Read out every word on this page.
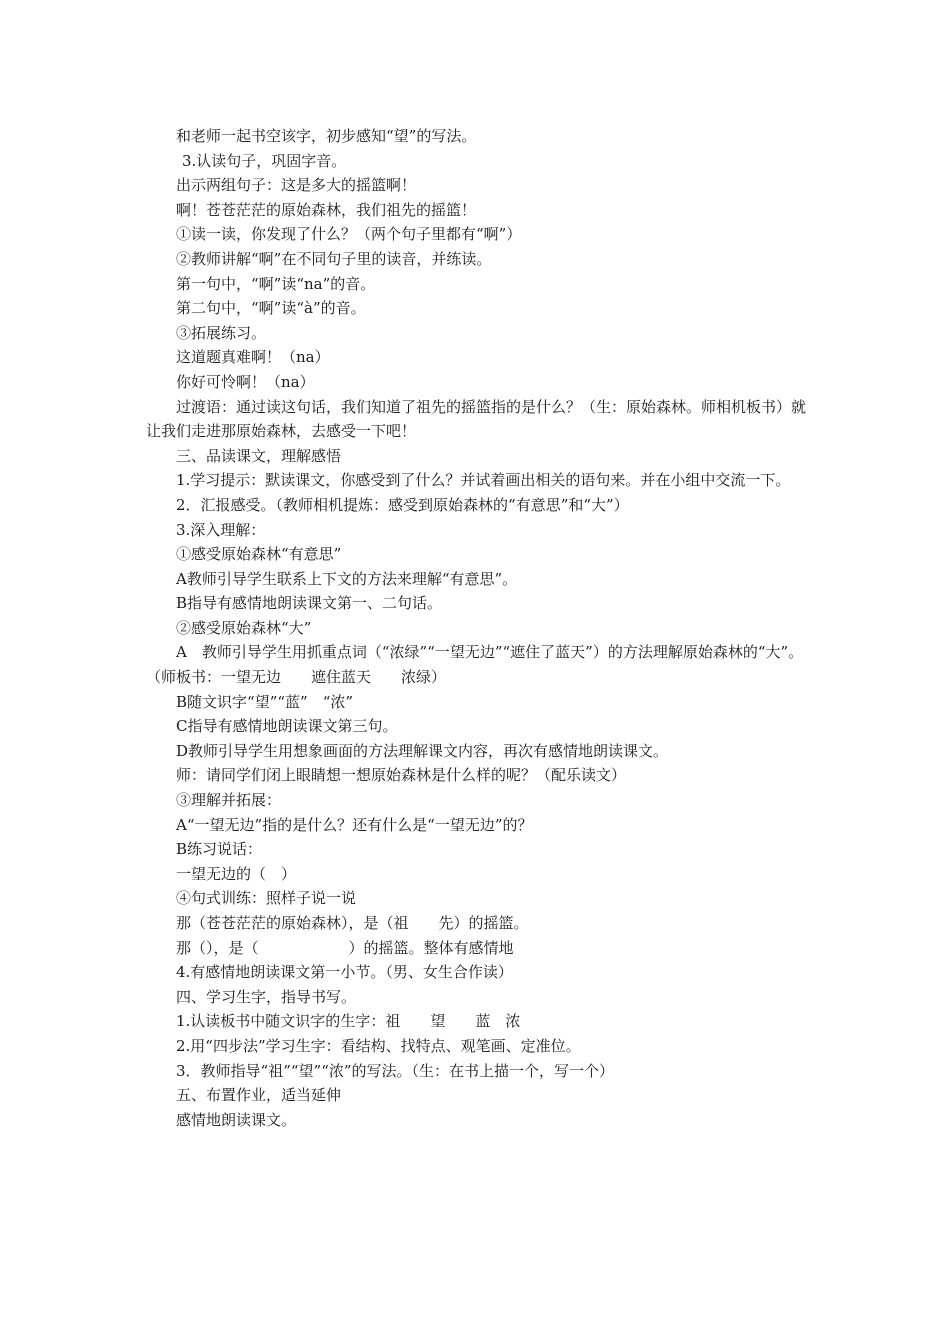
和老师一起书空该字，初步感知“望”的写法。
3.认读句子，巩固字音。
出示两组句子：这是多大的摇篮啊！
啊！苍苍茫茫的原始森林，我们祖先的摇篮！
①读一读，你发现了什么？（两个句子里都有“啊”）
②教师讲解“啊”在不同句子里的读音，并练读。
第一句中，“啊”读“na”的音。
第二句中，“啊”读“à”的音。
③拓展练习。
这道题真难啊！（na）
你好可怜啊！（na）
过渡语：通过读这句话，我们知道了祖先的摇篮指的是什么？（生：原始森林。师相机板书）就让我们走进那原始森林，去感受一下吧！
三、品读课文，理解感悟
1.学习提示：默读课文，你感受到了什么？并试着画出相关的语句来。并在小组中交流一下。
2．汇报感受。（教师相机提炼：感受到原始森林的“有意思”和“大”）
3.深入理解：
①感受原始森林“有意思”
A教师引导学生联系上下文的方法来理解“有意思”。
B指导有感情地朗读课文第一、二句话。
②感受原始森林“大”
A　教师引导学生用抓重点词（“浓绿”“一望无边”“遮住了蓝天”）的方法理解原始森林的“大”。（师板书：一望无边　　遮住蓝天　　浓绿）
B随文识字“望”“蓝”　“浓”
C指导有感情地朗读课文第三句。
D教师引导学生用想象画面的方法理解课文内容，再次有感情地朗读课文。
师：请同学们闭上眼睛想一想原始森林是什么样的呢？（配乐读文）
③理解并拓展：
A“一望无边”指的是什么？还有什么是“一望无边”的？
B练习说话：
一望无边的（　）
④句式训练：照样子说一说
那（苍苍茫茫的原始森林），是（祖　　先）的摇篮。
那（），是（　　　　　　）的摇篮。整体有感情地
4.有感情地朗读课文第一小节。（男、女生合作读）
四、学习生字，指导书写。
1.认读板书中随文识字的生字：祖　　望　　蓝　浓
2.用“四步法”学习生字：看结构、找特点、观笔画、定准位。
3．教师指导“祖”“望”“浓”的写法。（生：在书上描一个，写一个）
五、布置作业，适当延伸
感情地朗读课文。
